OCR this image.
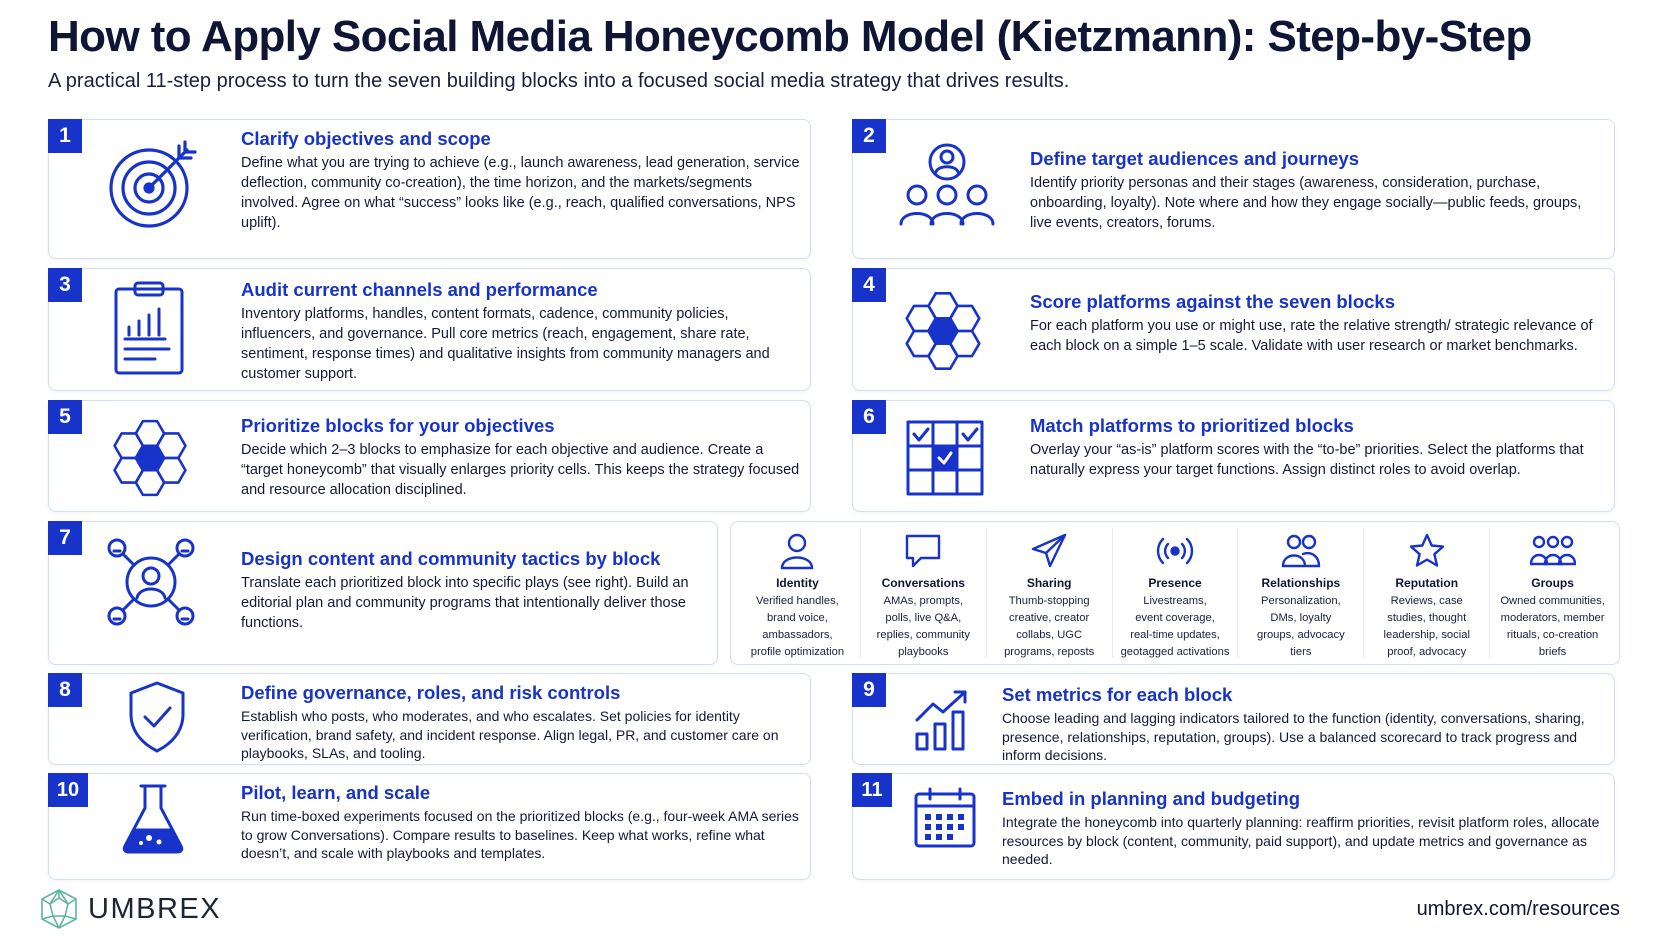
How to Apply Social Media Honeycomb Model (Kietzmann): Step-by-Step
A practical 11-step process to turn the seven building blocks into a focused social media strategy that drives results.
1	Clarify objectives and scope
Define what you are trying to achieve (e.g., launch awareness, lead generation, service deflection, community co-creation), the time horizon, and the markets/segments involved. Agree on what “success” looks like (e.g., reach, qualified conversations, NPS uplift).
2
Define target audiences and journeys
Identify priority personas and their stages (awareness, consideration, purchase, onboarding, loyalty). Note where and how they engage socially—public feeds, groups, live events, creators, forums.
3	Audit current channels and performance
Inventory platforms, handles, content formats, cadence, community policies, influencers, and governance. Pull core metrics (reach, engagement, share rate, sentiment, response times) and qualitative insights from community managers and customer support.
4
Score platforms against the seven blocks
For each platform you use or might use, rate the relative strength/ strategic relevance of each block on a simple 1–5 scale. Validate with user research or market benchmarks.
5	Prioritize blocks for your objectives
Decide which 2–3 blocks to emphasize for each objective and audience. Create a “target honeycomb” that visually enlarges priority cells. This keeps the strategy focused and resource allocation disciplined.
6	Match platforms to prioritized blocks
Overlay your “as-is” platform scores with the “to-be” priorities. Select the platforms that naturally express your target functions. Assign distinct roles to avoid overlap.
7
Design content and community tactics by block
Translate each prioritized block into specific plays (see right). Build an editorial plan and community programs that intentionally deliver those functions.
Identity
Verified handles,
brand voice,
ambassadors,
profile optimization
Conversations
AMAs, prompts,
polls, live Q&A,
replies, community
playbooks
Sharing
Thumb-stopping
creative, creator
collabs, UGC
programs, reposts
Presence
Livestreams,
event coverage,
real-time updates,
geotagged activations
Relationships
Personalization,
DMs, loyalty
groups, advocacy
tiers
Reputation
Reviews, case
studies, thought
leadership, social
proof, advocacy
Groups
Owned communities,
moderators, member
rituals, co-creation
briefs
8	Define governance, roles, and risk controls
Establish who posts, who moderates, and who escalates. Set policies for identity verification, brand safety, and incident response. Align legal, PR, and customer care on playbooks, SLAs, and tooling.
9	Set metrics for each block
Choose leading and lagging indicators tailored to the function (identity, conversations, sharing, presence, relationships, reputation, groups). Use a balanced scorecard to track progress and inform decisions.
10	Pilot, learn, and scale
Run time-boxed experiments focused on the prioritized blocks (e.g., four-week AMA series to grow Conversations). Compare results to baselines. Keep what works, refine what doesn’t, and scale with playbooks and templates.
11	Embed in planning and budgeting
Integrate the honeycomb into quarterly planning: reaffirm priorities, revisit platform roles, allocate resources by block (content, community, paid support), and update metrics and governance as needed.
UMBREX	umbrex.com/resources
